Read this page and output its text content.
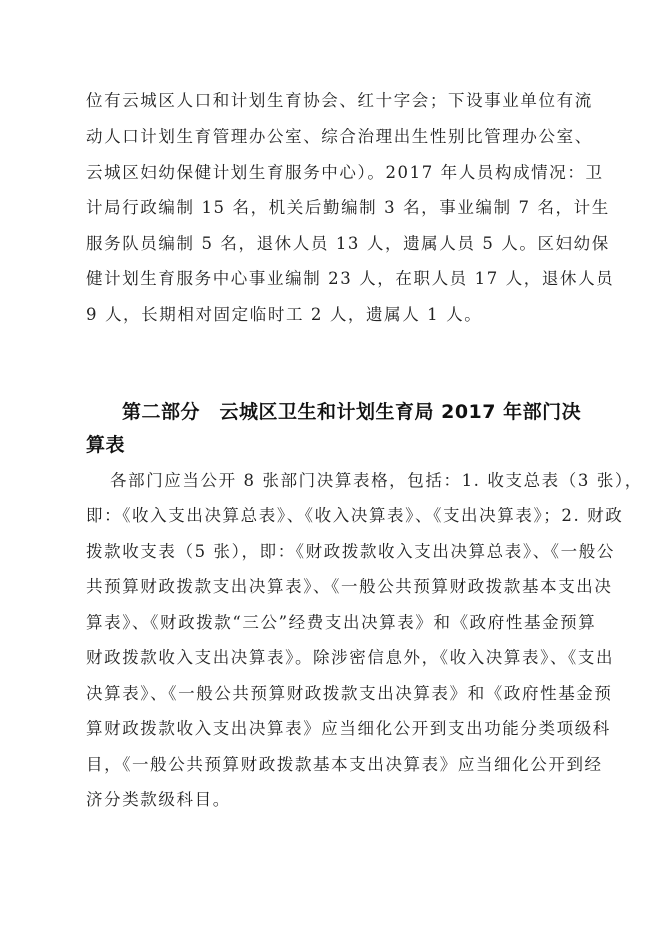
位有云城区人口和计划生育协会、红十字会；下设事业单位有流
动人口计划生育管理办公室、综合治理出生性别比管理办公室、
云城区妇幼保健计划生育服务中心）。2017 年人员构成情况：卫
计局行政编制 15 名，机关后勤编制 3 名，事业编制 7 名，计生
服务队员编制 5 名，退休人员 13 人，遗属人员 5 人。区妇幼保
健计划生育服务中心事业编制 23 人，在职人员 17 人，退休人员
9 人，长期相对固定临时工 2 人，遗属人 1 人。
第二部分　云城区卫生和计划生育局 2017 年部门决
算表
各部门应当公开 8 张部门决算表格，包括：1. 收支总表（3 张），
即：《收入支出决算总表》、《收入决算表》、《支出决算表》；2. 财政
拨款收支表（5 张），即：《财政拨款收入支出决算总表》、《一般公
共预算财政拨款支出决算表》、《一般公共预算财政拨款基本支出决
算表》、《财政拨款“三公”经费支出决算表》和《政府性基金预算
财政拨款收入支出决算表》。除涉密信息外，《收入决算表》、《支出
决算表》、《一般公共预算财政拨款支出决算表》和《政府性基金预
算财政拨款收入支出决算表》应当细化公开到支出功能分类项级科
目，《一般公共预算财政拨款基本支出决算表》应当细化公开到经
济分类款级科目。
